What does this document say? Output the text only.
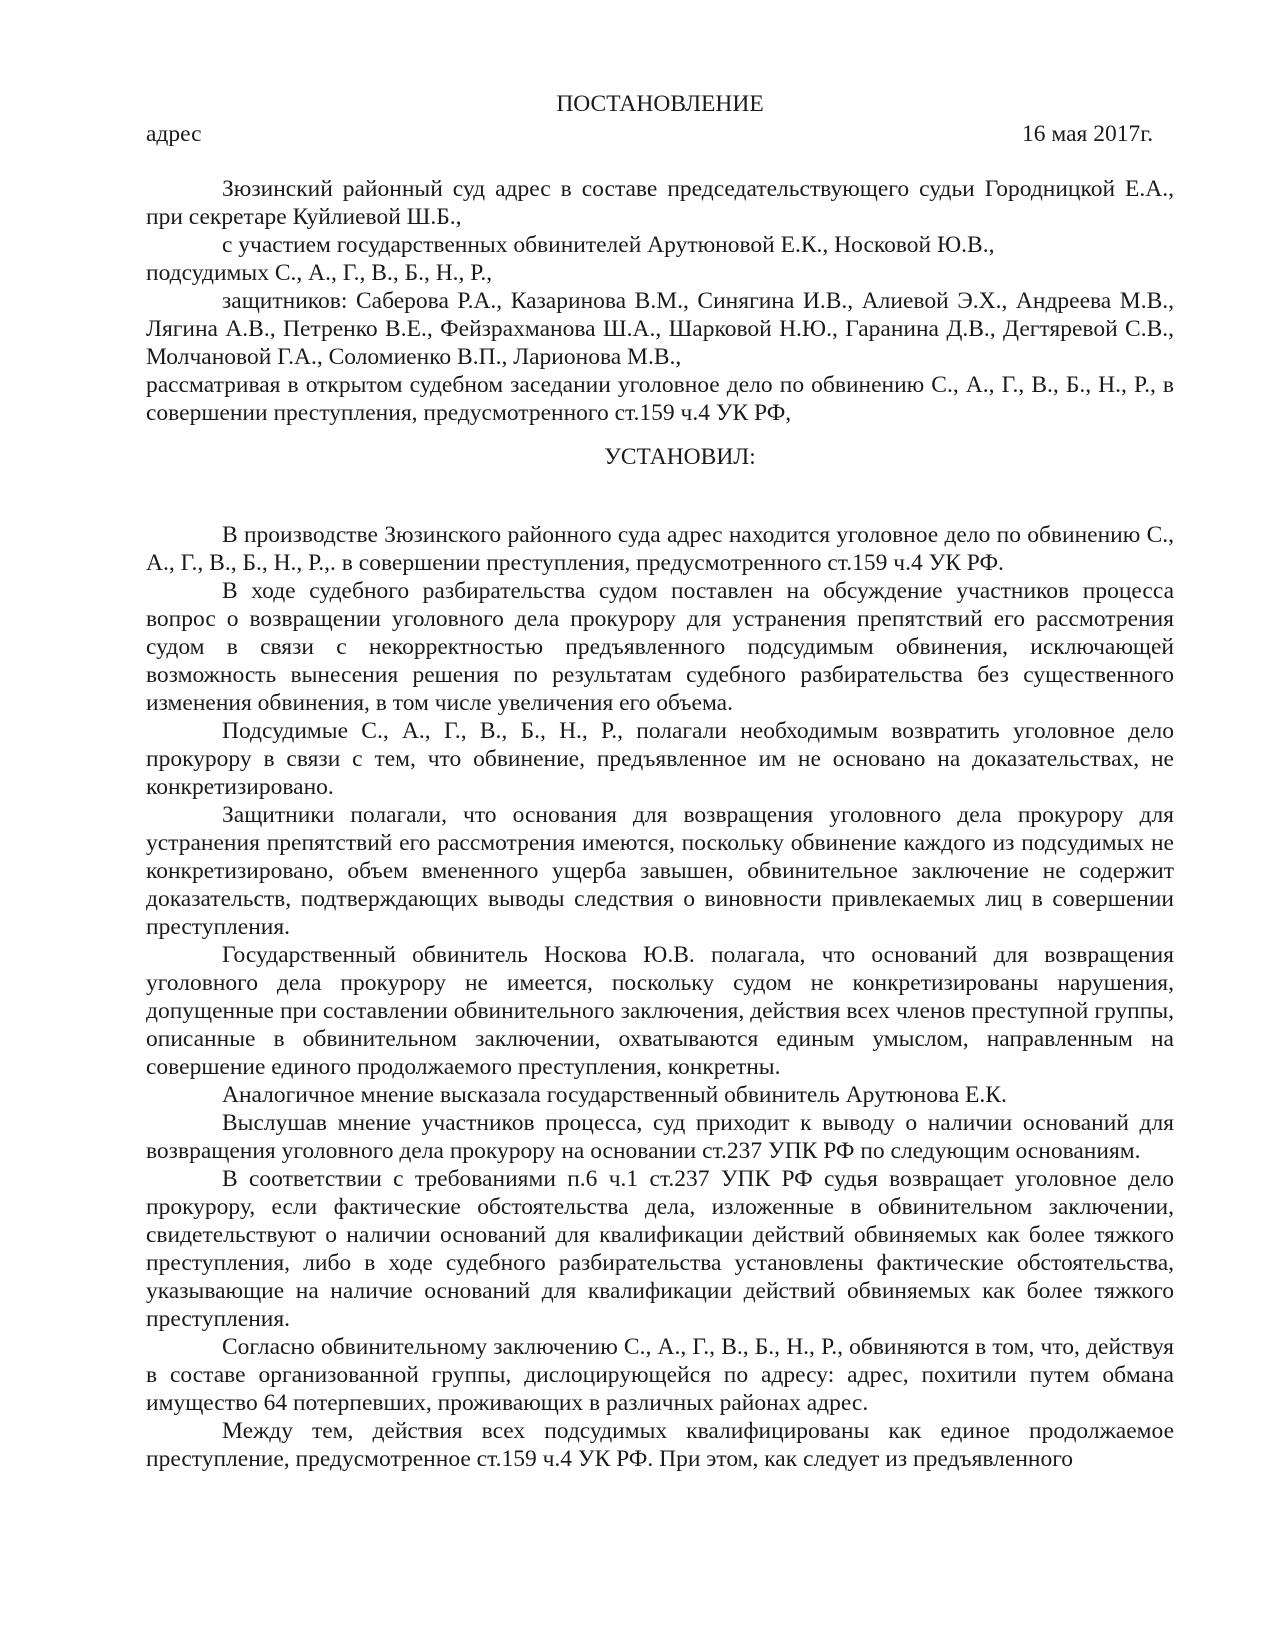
ПОСТАНОВЛЕНИЕ

адрес	16 мая 2017г.

Зюзинский районный суд адрес в составе председательствующего судьи Городницкой Е.А., при секретаре Куйлиевой Ш.Б.,

с участием государственных обвинителей Арутюновой Е.К., Носковой Ю.В.,

подсудимых С., А., Г., В., Б., Н., Р.,

защитников: Саберова Р.А., Казаринова В.М., Синягина И.В., Алиевой Э.Х., Андреева М.В., Лягина А.В., Петренко В.Е., Фейзрахманова Ш.А., Шарковой Н.Ю., Гаранина Д.В., Дегтяревой С.В., Молчановой Г.А., Соломиенко В.П., Ларионова М.В.,

рассматривая в открытом судебном заседании уголовное дело по обвинению С., А., Г., В., Б., Н., Р., в совершении преступления, предусмотренного ст.159 ч.4 УК РФ,

УСТАНОВИЛ:

В производстве Зюзинского районного суда адрес находится уголовное дело по обвинению С., А., Г., В., Б., Н., Р.,. в совершении преступления, предусмотренного ст.159 ч.4 УК РФ.

В ходе судебного разбирательства судом поставлен на обсуждение участников процесса вопрос о возвращении уголовного дела прокурору для устранения препятствий его рассмотрения судом в связи с некорректностью предъявленного подсудимым обвинения, исключающей возможность вынесения решения по результатам судебного разбирательства без существенного изменения обвинения, в том числе увеличения его объема.

Подсудимые С., А., Г., В., Б., Н., Р., полагали необходимым возвратить уголовное дело прокурору в связи с тем, что обвинение, предъявленное им не основано на доказательствах, не конкретизировано.

Защитники полагали, что основания для возвращения уголовного дела прокурору для устранения препятствий его рассмотрения имеются, поскольку обвинение каждого из подсудимых не конкретизировано, объем вмененного ущерба завышен, обвинительное заключение не содержит доказательств, подтверждающих выводы следствия о виновности привлекаемых лиц в совершении преступления.

Государственный обвинитель Носкова Ю.В. полагала, что оснований для возвращения уголовного дела прокурору не имеется, поскольку судом не конкретизированы нарушения, допущенные при составлении обвинительного заключения, действия всех членов преступной группы, описанные в обвинительном заключении, охватываются единым умыслом, направленным на совершение единого продолжаемого преступления, конкретны.

Аналогичное мнение высказала государственный обвинитель Арутюнова Е.К.

Выслушав мнение участников процесса, суд приходит к выводу о наличии оснований для возвращения уголовного дела прокурору на основании ст.237 УПК РФ по следующим основаниям.

В соответствии с требованиями п.6 ч.1 ст.237 УПК РФ судья возвращает уголовное дело прокурору, если фактические обстоятельства дела, изложенные в обвинительном заключении, свидетельствуют о наличии оснований для квалификации действий обвиняемых как более тяжкого преступления, либо в ходе судебного разбирательства установлены фактические обстоятельства, указывающие на наличие оснований для квалификации действий обвиняемых как более тяжкого преступления.

Согласно обвинительному заключению С., А., Г., В., Б., Н., Р., обвиняются в том, что, действуя в составе организованной группы, дислоцирующейся по адресу: адрес, похитили путем обмана имущество 64 потерпевших, проживающих в различных районах адрес.

Между тем, действия всех подсудимых квалифицированы как единое продолжаемое преступление, предусмотренное ст.159 ч.4 УК РФ. При этом, как следует из предъявленного
